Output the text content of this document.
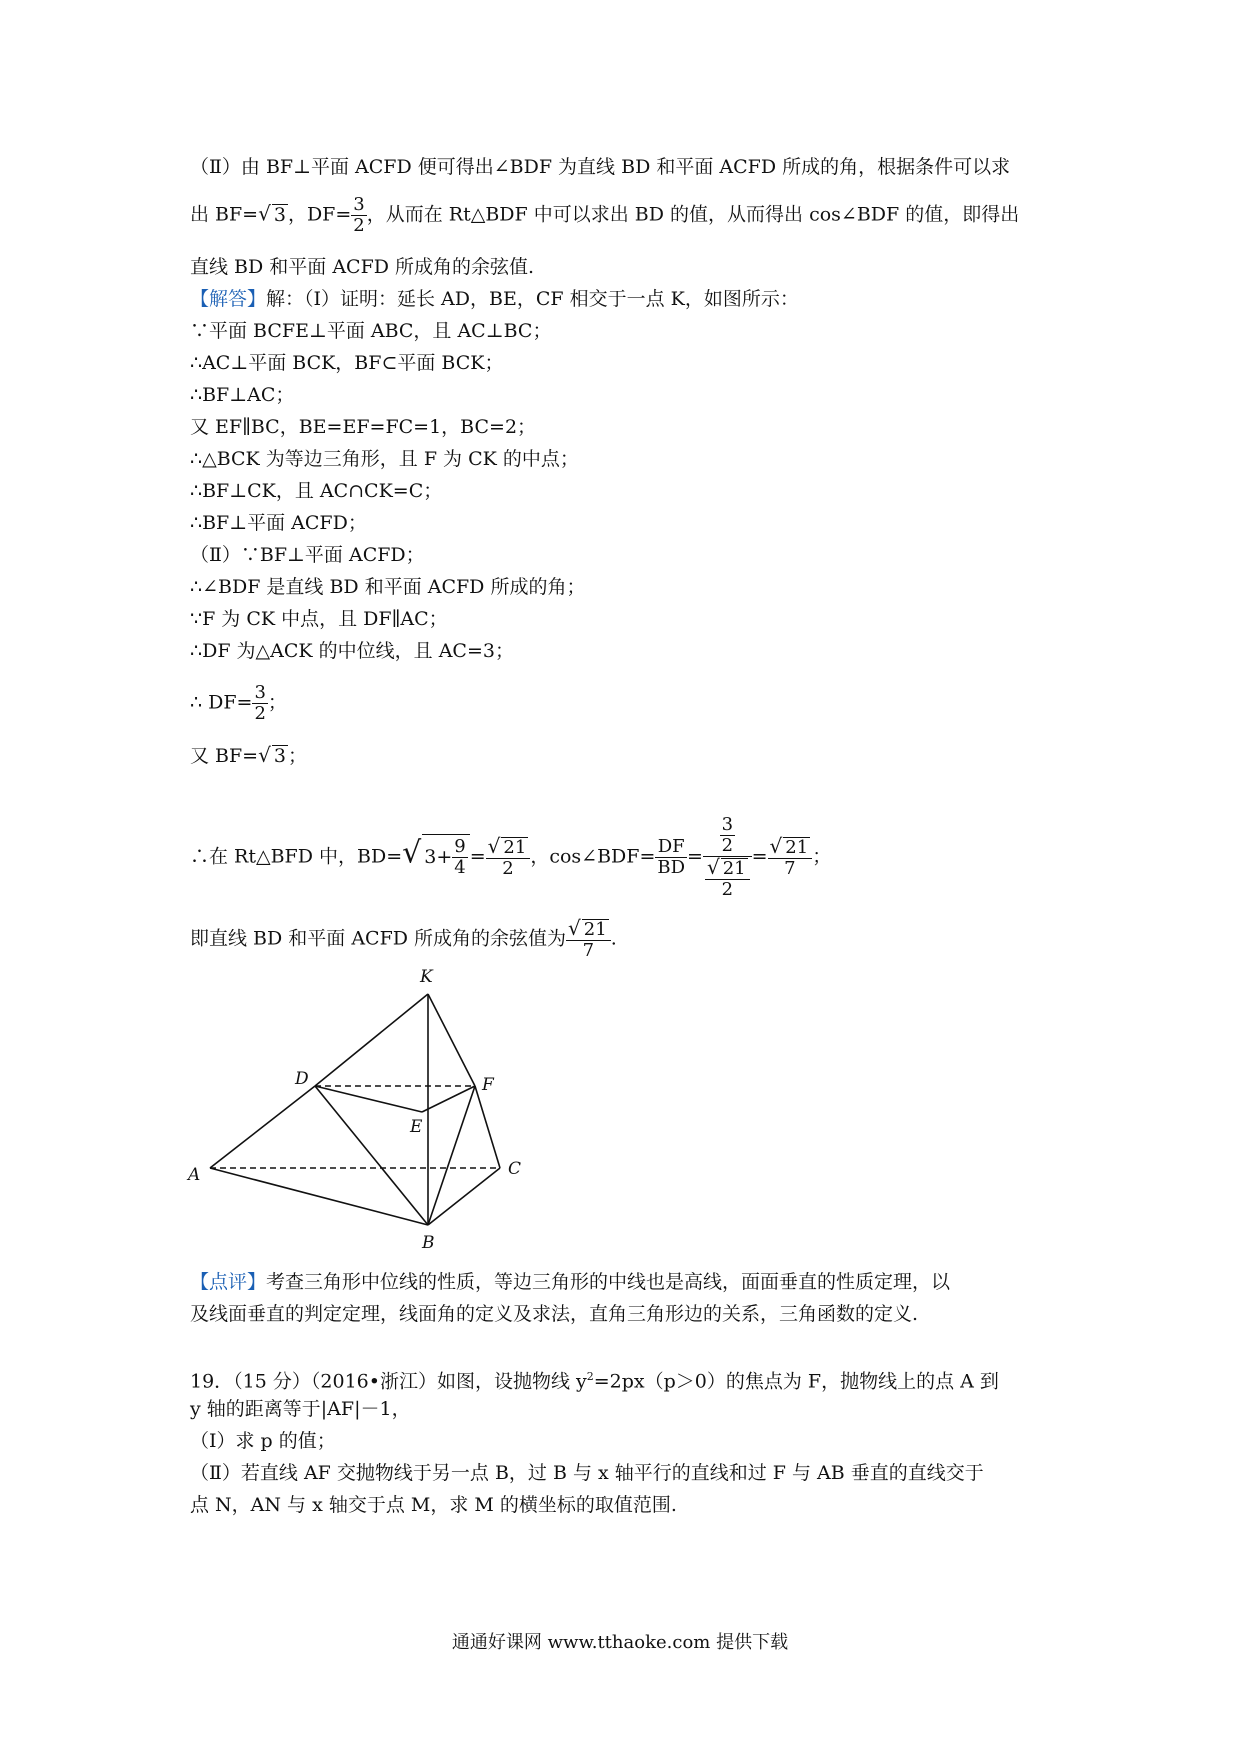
（Ⅱ）由 BF⊥平面 ACFD 便可得出∠BDF 为直线 BD 和平面 ACFD 所成的角，根据条件可以求
出 BF=√ 3 ，$DF= \frac{3}{2}$ ，从而在 Rt△BDF 中可以求出 BD 的值，从而得出 cos∠BDF 的值，即得出
直线 BD 和平面 ACFD 所成角的余弦值.
【解答】解：（Ⅰ）证明：延长 AD，BE，CF 相交于一点 K，如图所示：
∵平面 BCFE⊥平面 ABC，且 AC⊥BC；
∴AC⊥平面 BCK，BF⊂平面 BCK；
∴BF⊥AC；
又 EF∥BC，BE=EF=FC=1，BC=2；
∴△BCK 为等边三角形，且 F 为 CK 的中点；
∴BF⊥CK，且 AC∩CK=C；
∴BF⊥平面 ACFD；
（Ⅱ）∵BF⊥平面 ACFD；
∴∠BDF 是直线 BD 和平面 ACFD 所成的角；
∵F 为 CK 中点，且 DF∥AC；
∴DF 为△ACK 的中位线，且 AC=3；
∴ $DF= \frac{3}{2}$ ；
又 BF=√ 3 ；
∴在 Rt△BFD 中，BD=√ $3+ \frac{9}{4} = \frac{√ 21}{2}$ ，cos∠BDF= $\frac{DF}{BD} = \frac{\frac{3}{2}}{\frac{√ 21}{2}} = \frac{√ 21}{7}$ ；
即直线 BD 和平面 ACFD 所成角的余弦值为 $\frac{√ 21}{7}$ .
K
D	F
E
A	C
B
【点评】考查三角形中位线的性质，等边三角形的中线也是高线，面面垂直的性质定理，以
及线面垂直的判定定理，线面角的定义及求法，直角三角形边的关系，三角函数的定义.
19．（15 分）（2016•浙江）如图，设抛物线 $y^2=2px(p>0)$的焦点为 F，抛物线上的点 A 到
y 轴的距离等于|AF|－1，
（Ⅰ）求 p 的值；
（Ⅱ）若直线 AF 交抛物线于另一点 B，过 B 与 x 轴平行的直线和过 F 与 AB 垂直的直线交于
点 N，AN 与 x 轴交于点 M，求 M 的横坐标的取值范围.
通通好课网 www.tthaoke.com 提供下载
